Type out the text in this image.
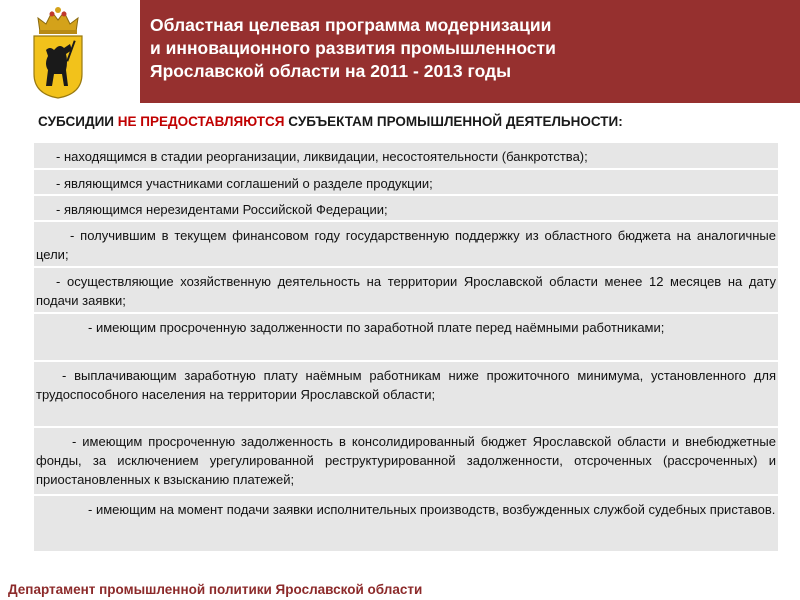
Областная целевая программа модернизации
и инновационного развития промышленности
Ярославской области на 2011 - 2013 годы
СУБСИДИИ НЕ ПРЕДОСТАВЛЯЮТСЯ СУБЪЕКТАМ ПРОМЫШЛЕННОЙ ДЕЯТЕЛЬНОСТИ:
- находящимся в стадии реорганизации, ликвидации, несостоятельности (банкротства);
- являющимся участниками соглашений о разделе продукции;
- являющимся нерезидентами Российской Федерации;
- получившим в текущем финансовом году государственную поддержку из областного бюджета на аналогичные цели;
- осуществляющие хозяйственную деятельность на территории Ярославской области менее 12 месяцев на дату подачи заявки;
- имеющим просроченную задолженности по заработной плате перед наёмными работниками;
- выплачивающим заработную плату наёмным работникам ниже прожиточного минимума, установленного для трудоспособного населения на территории Ярославской области;
- имеющим просроченную задолженность в консолидированный бюджет Ярославской области и внебюджетные фонды, за исключением урегулированной реструктурированной задолженности, отсроченных (рассроченных) и приостановленных к взысканию платежей;
- имеющим на момент подачи заявки исполнительных производств, возбужденных службой судебных приставов.
Департамент промышленной политики Ярославской области
